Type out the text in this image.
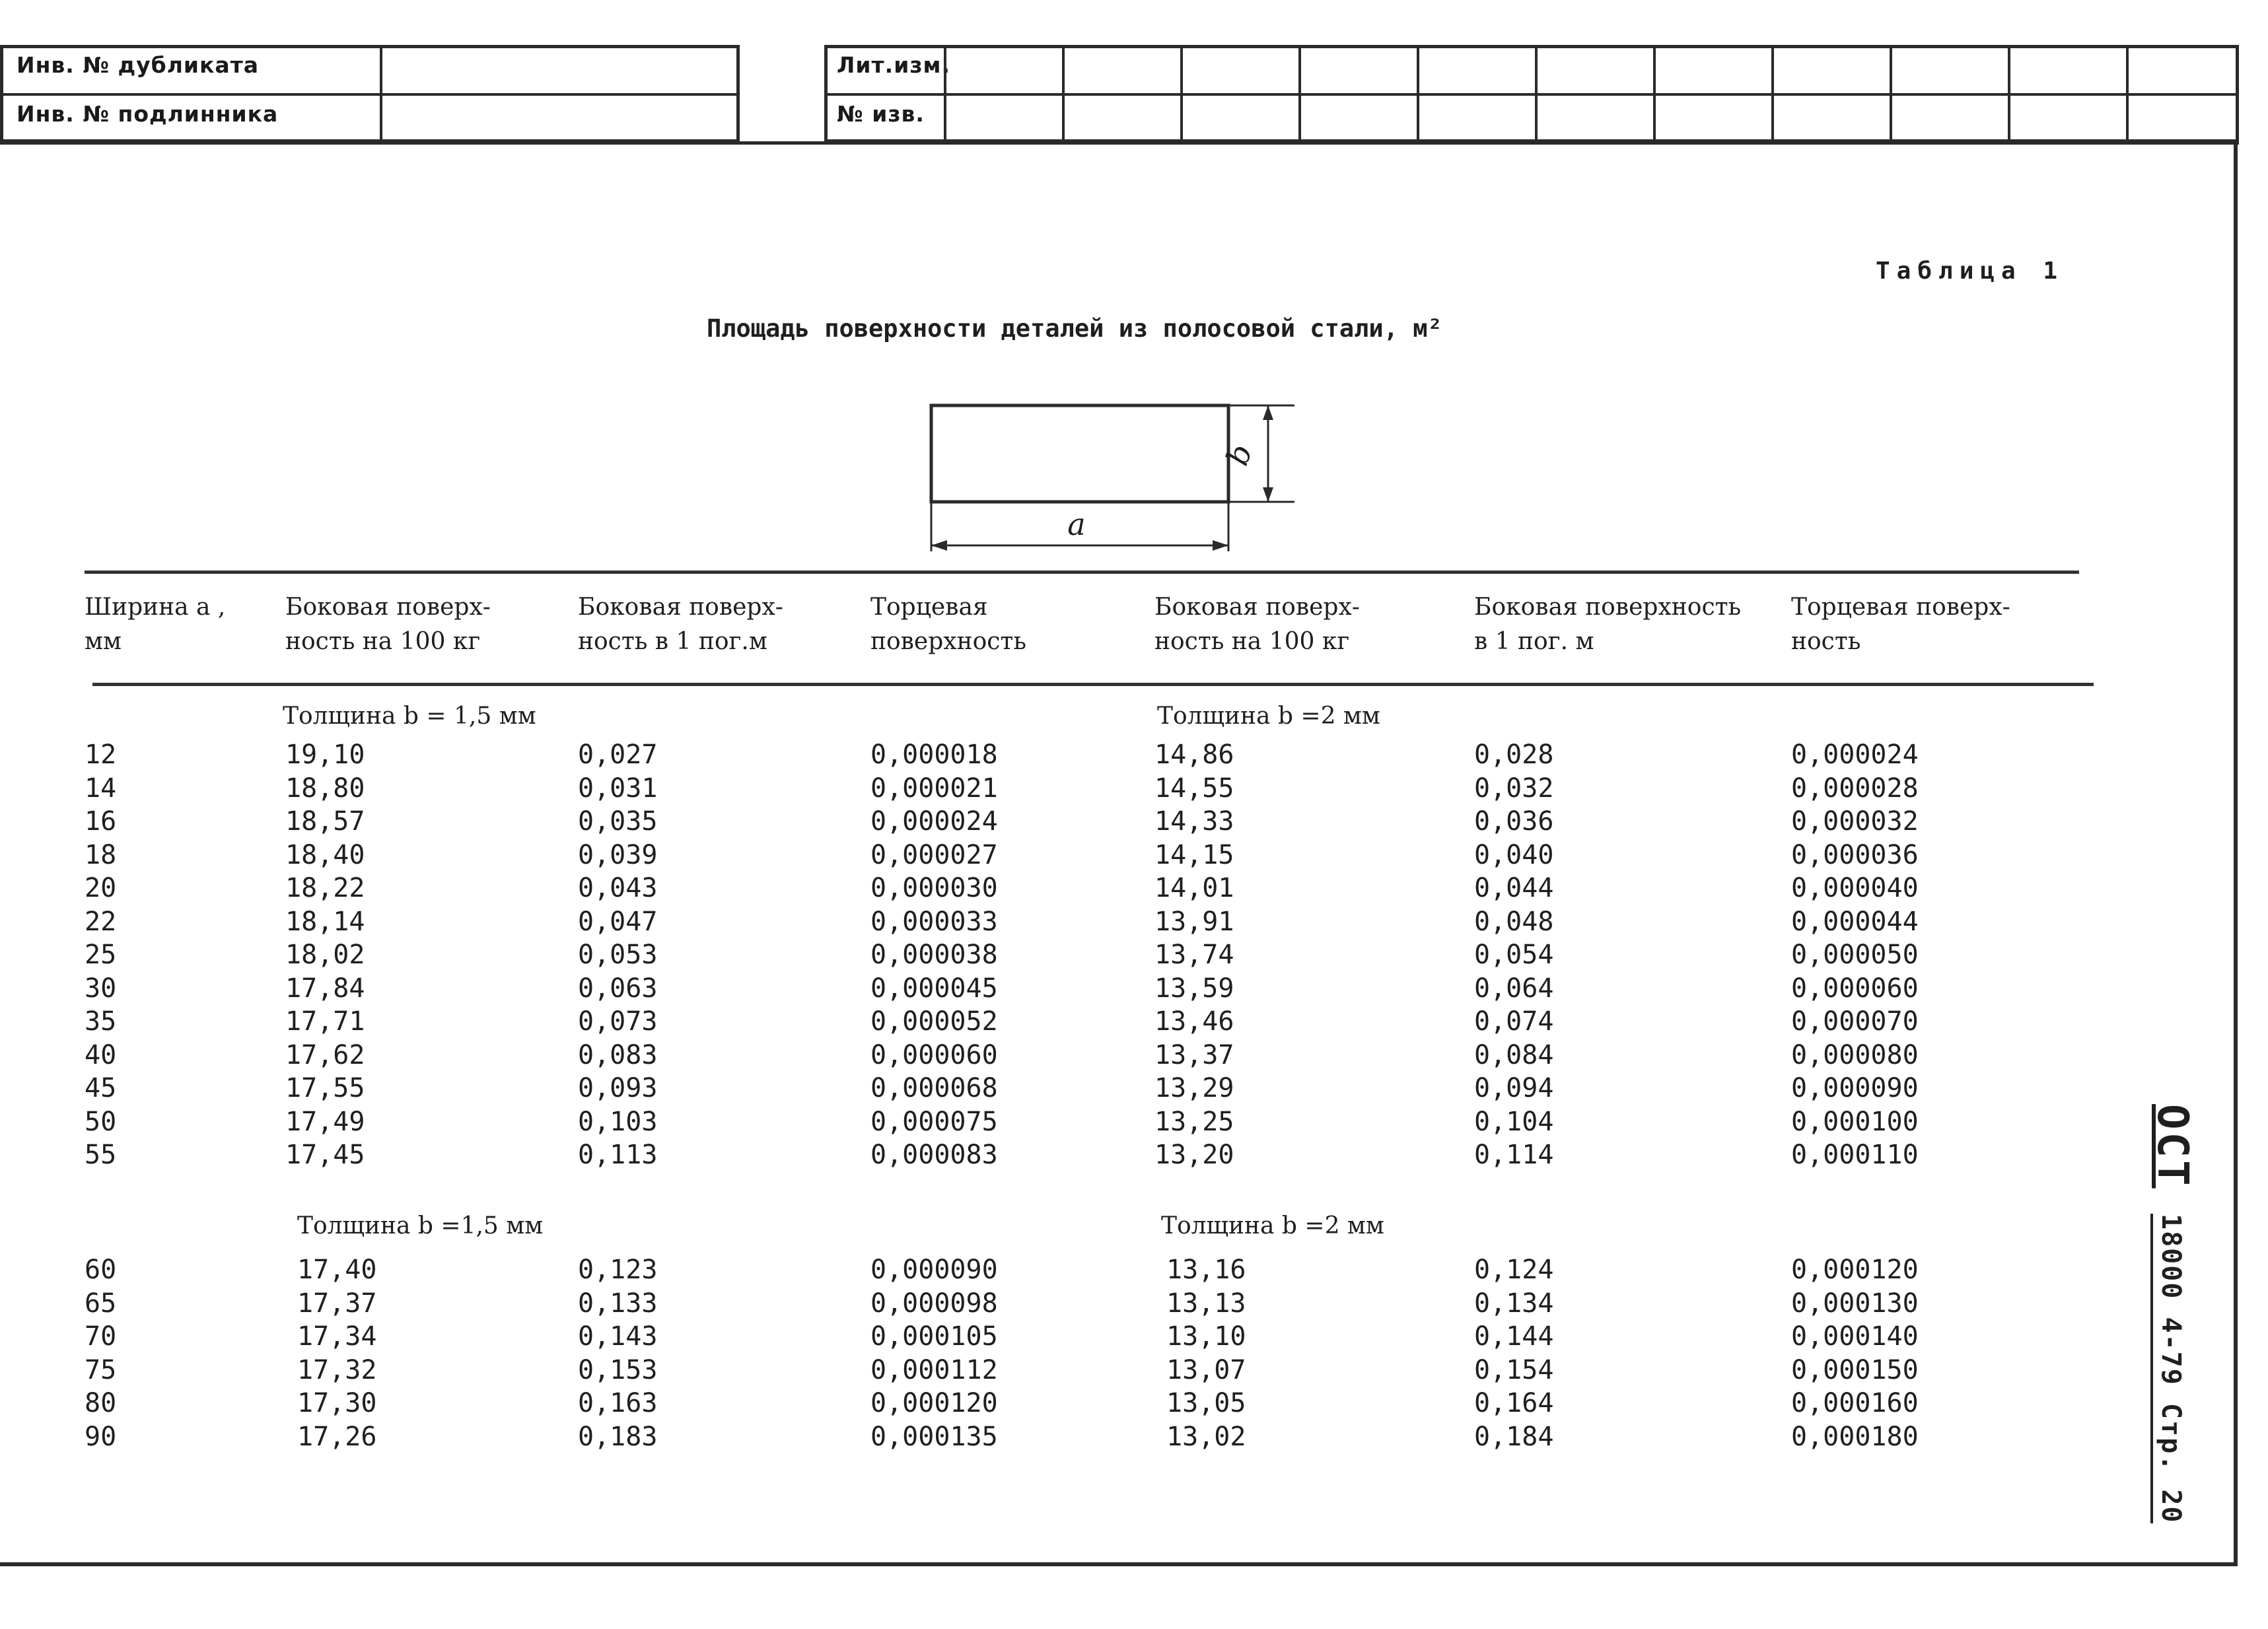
Инв. № дубликата
Инв. № подлинника
Лит.изм.
№ изв.
Таблица 1
Площадь поверхности деталей из полосовой стали, м²
a
b
Ширина а ,
мм
Боковая поверх-
ность на 100 кг
Боковая поверх-
ность в 1 пог.м
Торцевая
поверхность
Боковая поверх-
ность на 100 кг
Боковая поверхность
в 1 пог. м
Торцевая поверх-
ность
Толщина b = 1,5 мм	Толщина b =2 мм
12	19,10	0,027	0,000018	14,86	0,028	0,000024
14	18,80	0,031	0,000021	14,55	0,032	0,000028
16	18,57	0,035	0,000024	14,33	0,036	0,000032
18	18,40	0,039	0,000027	14,15	0,040	0,000036
20	18,22	0,043	0,000030	14,01	0,044	0,000040
22	18,14	0,047	0,000033	13,91	0,048	0,000044
25	18,02	0,053	0,000038	13,74	0,054	0,000050
30	17,84	0,063	0,000045	13,59	0,064	0,000060
35	17,71	0,073	0,000052	13,46	0,074	0,000070
40	17,62	0,083	0,000060	13,37	0,084	0,000080
45	17,55	0,093	0,000068	13,29	0,094	0,000090
50	17,49	0,103	0,000075	13,25	0,104	0,000100
55	17,45	0,113	0,000083	13,20	0,114	0,000110
Толщина b =1,5 мм	Толщина b =2 мм
60	17,40	0,123	0,000090	13,16	0,124	0,000120
65	17,37	0,133	0,000098	13,13	0,134	0,000130
70	17,34	0,143	0,000105	13,10	0,144	0,000140
75	17,32	0,153	0,000112	13,07	0,154	0,000150
80	17,30	0,163	0,000120	13,05	0,164	0,000160
90	17,26	0,183	0,000135	13,02	0,184	0,000180
ОСТ
18000 4-79 Стр. 20
